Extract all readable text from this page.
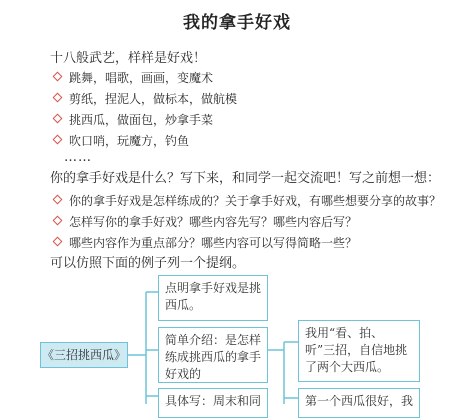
我的拿手好戏
十八般武艺，样样是好戏！
跳舞，唱歌，画画，变魔术
剪纸，捏泥人，做标本，做航模
挑西瓜，做面包，炒拿手菜
吹口哨，玩魔方，钓鱼
……
你的拿手好戏是什么？写下来，和同学一起交流吧！写之前想一想：
你的拿手好戏是怎样练成的？关于拿手好戏，有哪些想要分享的故事？
怎样写你的拿手好戏？哪些内容先写？哪些内容后写？
哪些内容作为重点部分？哪些内容可以写得简略一些？
可以仿照下面的例子列一个提纲。
《三招挑西瓜》
点明拿手好戏是挑西瓜。
简单介绍：是怎样练成挑西瓜的拿手好戏的
具体写：周末和同
我用“看、拍、听”三招，自信地挑了两个大西瓜。
第一个西瓜很好，我
